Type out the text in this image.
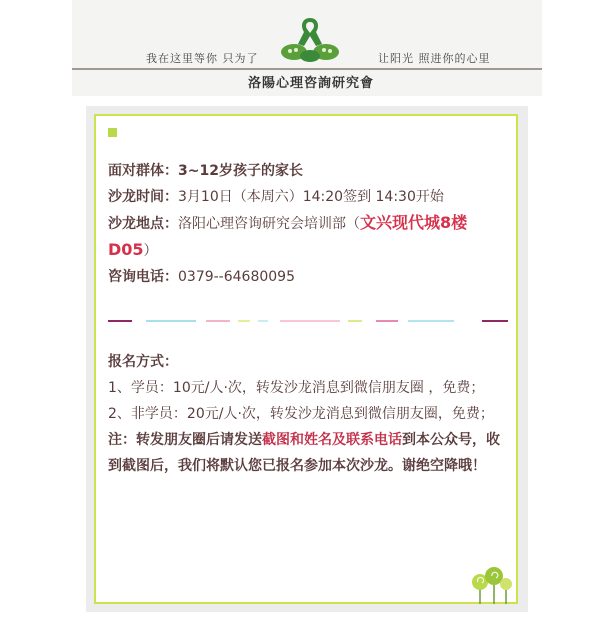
我在这里等你 只为了	让阳光 照进你的心里
洛陽心理咨詢研究會

面对群体：3~12岁孩子的家长

沙龙时间：3月10日（本周六）14:20签到 14:30开始

沙龙地点：洛阳心理咨询研究会培训部（文兴现代城8楼D05）

咨询电话：0379--64680095

报名方式：

1、学员：10元/人·次，转发沙龙消息到微信朋友圈 ，免费；

2、非学员：20元/人·次，转发沙龙消息到微信朋友圈，免费；

注：转发朋友圈后请发送截图和姓名及联系电话到本公众号，收到截图后，我们将默认您已报名参加本次沙龙。谢绝空降哦！
